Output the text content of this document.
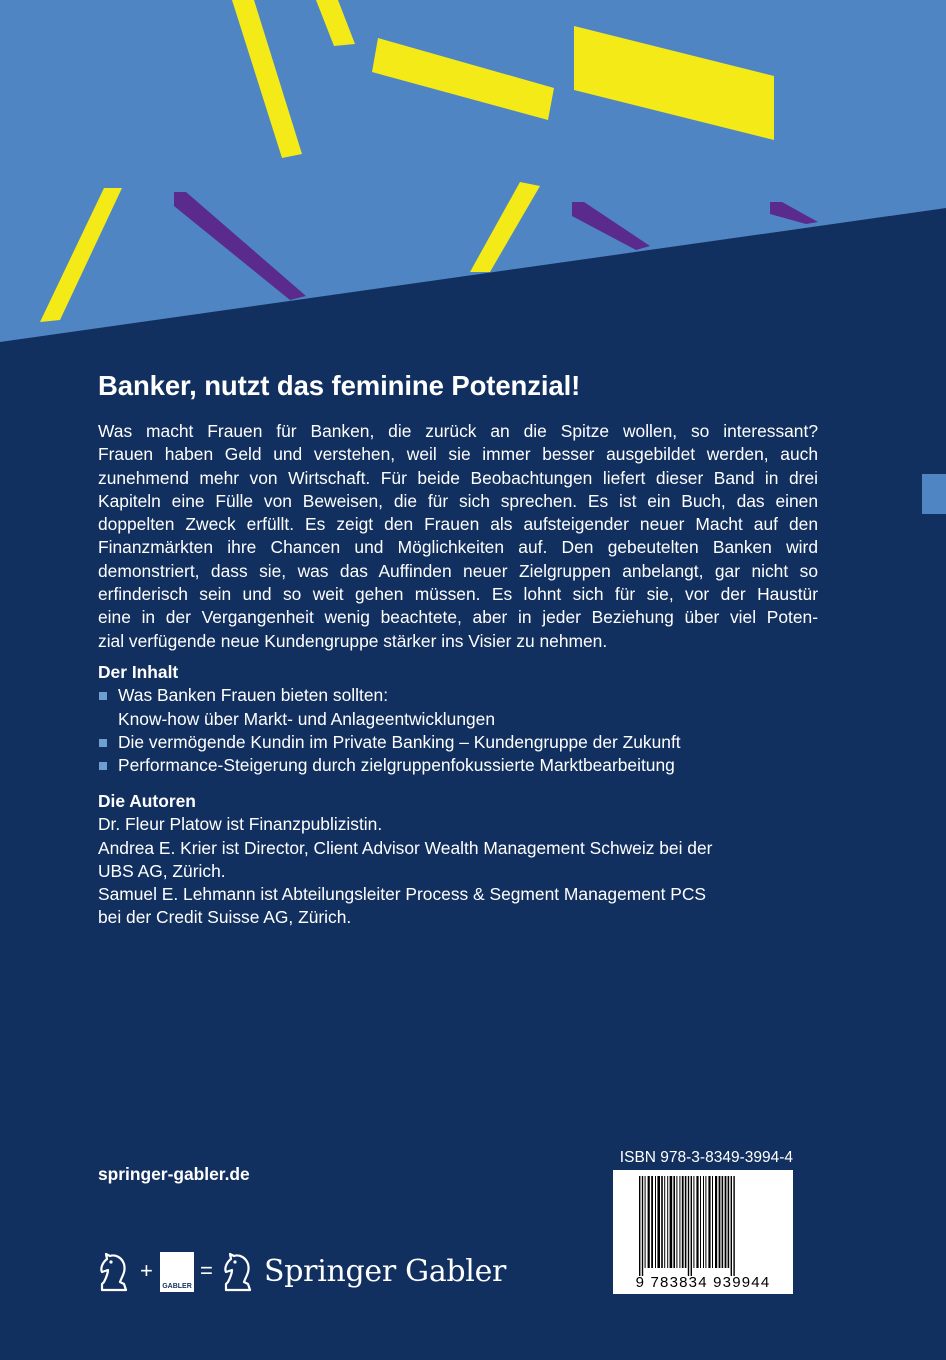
Banker, nutzt das feminine Potenzial!

Was macht Frauen für Banken, die zurück an die Spitze wollen, so interessant?
Frauen haben Geld und verstehen, weil sie immer besser ausgebildet werden, auch
zunehmend mehr von Wirtschaft. Für beide Beobachtungen liefert dieser Band in drei
Kapiteln eine Fülle von Beweisen, die für sich sprechen. Es ist ein Buch, das einen
doppelten Zweck erfüllt. Es zeigt den Frauen als aufsteigender neuer Macht auf den
Finanzmärkten ihre Chancen und Möglichkeiten auf. Den gebeutelten Banken wird
demonstriert, dass sie, was das Auffinden neuer Zielgruppen anbelangt, gar nicht so
erfinderisch sein und so weit gehen müssen. Es lohnt sich für sie, vor der Haustür
eine in der Vergangenheit wenig beachtete, aber in jeder Beziehung über viel Poten-
zial verfügende neue Kundengruppe stärker ins Visier zu nehmen.

Der Inhalt
Was Banken Frauen bieten sollten:
Know-how über Markt- und Anlageentwicklungen
Die vermögende Kundin im Private Banking – Kundengruppe der Zukunft
Performance-Steigerung durch zielgruppenfokussierte Marktbearbeitung
Die Autoren
Dr. Fleur Platow ist Finanzpublizistin.
Andrea E. Krier ist Director, Client Advisor Wealth Management Schweiz bei der
UBS AG, Zürich.
Samuel E. Lehmann ist Abteilungsleiter Process & Segment Management PCS
bei der Credit Suisse AG, Zürich.
springer-gabler.de
+
GABLER
= Springer Gabler
ISBN 978-3-8349-3994-4
9 783834 939944
